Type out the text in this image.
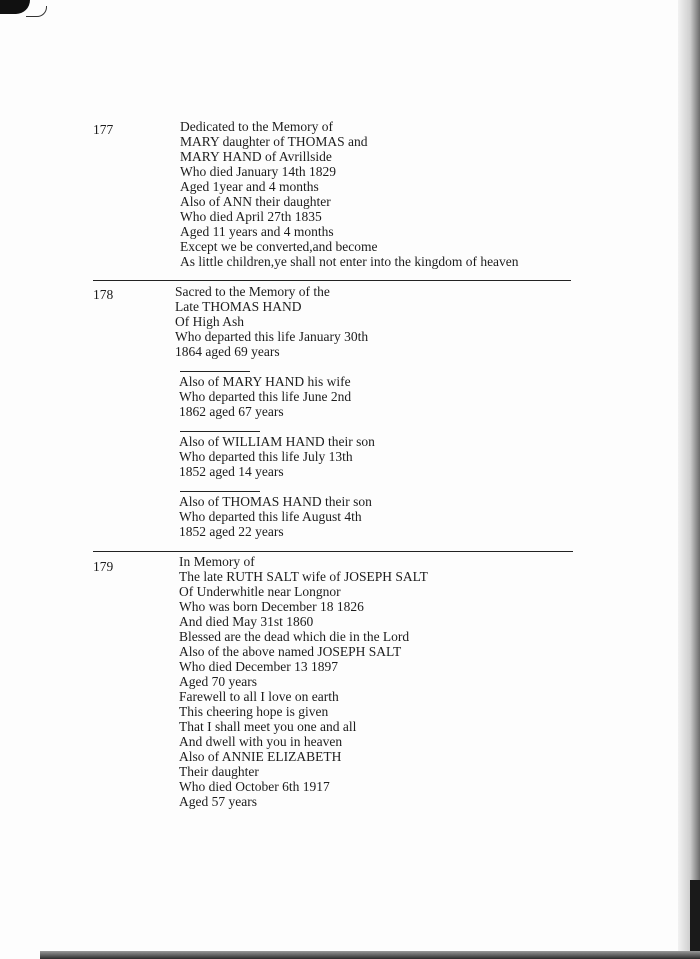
177	Dedicated to the Memory of
MARY daughter of THOMAS and
MARY HAND of Avrillside
Who died January 14th 1829
Aged 1year and 4 months
Also of ANN their daughter
Who died April 27th 1835
Aged 11 years and 4 months
Except we be converted,and become
As little children,ye shall not enter into the kingdom of heaven
178	Sacred to the Memory of the
Late THOMAS HAND
Of High Ash
Who departed this life January 30th
1864 aged 69 years
Also of MARY HAND his wife
Who departed this life June 2nd
1862 aged 67 years
Also of WILLIAM HAND their son
Who departed this life July 13th
1852 aged 14 years
Also of THOMAS HAND their son
Who departed this life August 4th
1852 aged 22 years
179	In Memory of
The late RUTH SALT wife of JOSEPH SALT
Of Underwhitle near Longnor
Who was born December 18 1826
And died May 31st 1860
Blessed are the dead which die in the Lord
Also of the above named JOSEPH SALT
Who died December 13 1897
Aged 70 years
Farewell to all I love on earth
This cheering hope is given
That I shall meet you one and all
And dwell with you in heaven
Also of ANNIE ELIZABETH
Their daughter
Who died October 6th 1917
Aged 57 years
